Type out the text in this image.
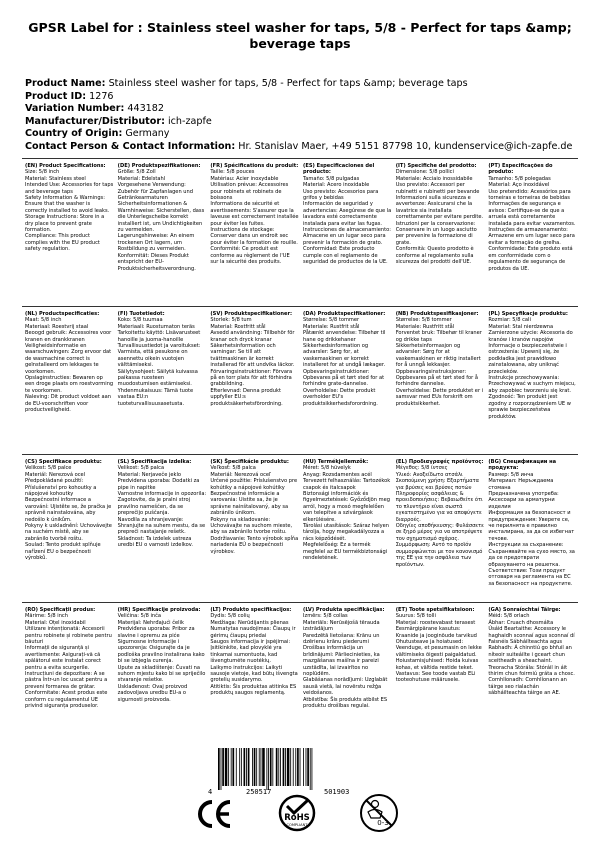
GPSR Label for : Stainless steel washer for taps, 5/8 - Perfect for taps &amp; beverage taps
Product Name: Stainless steel washer for taps, 5/8 - Perfect for taps &amp; beverage taps
Product ID: 1276
Variation Number: 443182
Manufacturer/Distributor: ich-zapfe
Country of Origin: Germany
Contact Person & Contact Information: Hr. Stanislav Maer, +49 5151 87798 10, kundenservice@ich-zapfe.de
(EN) Product Specifications:
Size: 5/8 inch
Material: Stainless steel
Intended Use: Accessories for taps and beverage taps
Safety Information & Warnings: Ensure that the washer is correctly installed to avoid leaks.
Storage Instructions: Store in a dry place to prevent grate formation.
Compliance: This product complies with the EU product safety regulation.
(DE) Produktspezifikationen:
Größe: 5/8 Zoll
Material: Edelstahl
Vorgesehene Verwendung: Zubehör für Zapfanlagen und Getränkearmaturen
Sicherheitsinformationen & Warnhinweise: Sicherstellen, dass die Unterlegscheibe korrekt installiert ist, um Undichtigkeiten zu vermeiden.
Lagerungshinweise: An einem trockenen Ort lagern, um Rostbildung zu vermeiden.
Konformität: Dieses Produkt entspricht der EU-Produktsicherheitsverordnung.
(FR) Spécifications du produit:
Taille: 5/8 pouces
Matériau: Acier inoxydable
Utilisation prévue: Accessoires pour robinets et robinets de boissons
Informations de sécurité et avertissements: S'assurer que la laveuse est correctement installée pour éviter les fuites.
Instructions de stockage: Conserver dans un endroit sec pour éviter la formation de rouille.
Conformité: Ce produit est conforme au règlement de l'UE sur la sécurité des produits.
(ES) Especificaciones del producto:
Tamaño: 5/8 pulgadas
Material: Acero inoxidable
Uso previsto: Accesorios para grifos y bebidas
Información de seguridad y advertencias: Asegúrese de que la lavadora esté correctamente instalada para evitar las fugas.
Instrucciones de almacenamiento: Almacene en un lugar seco para prevenir la formación de grato.
Conformidad: Este producto cumple con el reglamento de seguridad de productos de la UE.
(IT) Specifiche del prodotto:
Dimensione: 5/8 pollici
Materiale: Acciaio inossidabile
Uso previsto: Accessori per rubinetti e rubinetti per bevande
Informazioni sulla sicurezza e avvertenze: Assicurarsi che la lavatrice sia installata correttamente per evitare perdite.
Istruzioni per la conservazione: Conservare in un luogo asciutto per prevenire la formazione di grate.
Conformità: Questo prodotto è conforme al regolamento sulla sicurezza dei prodotti dell'UE.
(PT) Especificações do produto:
Tamanho: 5/8 polegadas
Material: Aço inoxidável
Uso pretendido: Acessórios para torneiras e torneiras de bebidas
Informações de segurança e avisos: Certifique-se de que a arruela está corretamente instalada para evitar vazamentos.
Instruções de armazenamento: Armazene em um lugar seco para evitar a formação de grelha.
Conformidade: Este produto está em conformidade com o regulamento de segurança de produtos da UE.
(NL) Productspecificaties:
Maat: 5/8 inch
Materiaal: Roestvrij staal
Beoogd gebruik: Accessoires voor kranen en drankkranen
Veiligheidsinformatie en waarschuwingen: Zorg ervoor dat de wasmachine correct is geïnstalleerd om lekkages te voorkomen.
Opslaginstructies: Bewaren op een droge plaats om roestvorming te voorkomen.
Naleving: Dit product voldoet aan de EU-voorschriften voor productveiligheid.
(FI) Tuotetiedot:
Koko: 5/8 tuumaa
Materiaali: Ruostumaton teräs
Tarkoitettu käyttö: Lisävarusteet hanoille ja juoma-hanoille
Turvallisuustiedot ja varoitukset: Varmista, että pesukone on asennettu oikein vuotojen välttämiseksi.
Säilytysohjeet: Säilytä kuivassa paikassa ruosteen muodostumisen estämiseksi.
Yhdenmukaisuus: Tämä tuote vastaa EU:n tuoteturvallisuusasetusta.
(SV) Produktspecifikationer:
Storlek: 5/8 tum
Material: Rostfritt stål
Avsedd användning: Tillbehör för kranar och dryck kranar
Säkerhetsinformation och varningar: Se till att tvättmaskinen är korrekt installerad för att undvika läckor.
Förvaringsinstruktioner: Förvara på en torr plats för att förhindra grabbildning.
Efterlevnad: Denna produkt uppfyller EU:s produktsäkerhetsförordning.
(DA) Produktspecifikationer:
Størrelse: 5/8 tommer
Materiale: Rustfrit stål
Påtænkt anvendelse: Tilbehør til hane og drikkehaner
Sikkerhedsinformation og advarsler: Sørg for, at vaskemaskinen er korrekt installeret for at undgå lækager.
Opbevaringsinstruktioner: Opbevares på et tørt sted for at forhindre grate-dannelse.
Overholdelse: Dette produkt overholder EU's produktsikkerhedsforordning.
(NB) Produktspesifikasjoner:
Størrelse: 5/8 tommer
Materiale: Rustfritt stål
Forventet bruk: Tilbehør til kraner og drikke taps
Sikkerhetsinformasjon og advarsler: Sørg for at vaskemaskinen er riktig installert for å unngå lekkasjer.
Oppbevaringsinstruksjoner: Oppbevares på et tørt sted for å forhindre dannelse.
Overholdelse: Dette produktet er i samsvar med EUs forskrift om produktsikkerhet.
(PL) Specyfikacje produktu:
Rozmiar: 5/8 cali
Materiał: Stal nierdzewna
Zamierzone użycie: Akcesoria do kranów i kranów napojów
Informacje o bezpieczeństwie i ostrzeżenia: Upewnij się, że podkładka jest prawidłowo zainstalowana, aby uniknąć przecieków.
Instrukcje przechowywania: Przechowywać w suchym miejscu, aby zapobiec tworzeniu się krat.
Zgodność: Ten produkt jest zgodny z rozporządzeniem UE w sprawie bezpieczeństwa produktów.
(CS) Specifikace produktu:
Velikost: 5/8 palce
Materiál: Nerezová ocel
Předpokládané použití: Příslušenství pro kohoutky a nápojové kohoutky
Bezpečnostní informace a varování: Ujistěte se, že pračka je správně nainstalována, aby nedošlo k únikům.
Pokyny k uskladnění: Uchovávejte na suchém místě, aby se zabránilo tvorbě roštu.
Soulad: Tento produkt splňuje nařízení EU o bezpečnosti výrobků.
(SL) Specifikacija izdelka:
Velikost: 5/8 palca
Material: Nerjaveče jeklo
Predvidena uporaba: Dodatki za pipe in napitke
Varnostne informacije in opozorila: Zagotovite, da je pralni stroj pravilno nameščen, da se preprečijo puščanja.
Navodila za shranjevanje: Shranjujte na suhem mestu, da se prepreči nastajanje rešetk.
Skladnost: Ta izdelek ustreza uredbi EU o varnosti izdelkov.
(SK) Špecifikácie produktu:
Veľkosť: 5/8 palca
Materiál: Nerezová oceľ
Určené použitie: Príslušenstvo pre kohútiky a nápojové kohútiky
Bezpečnostné informácie a varovania: Uistite sa, že je správne nainštalovaný, aby sa zabránilo únikom.
Pokyny na skladovanie: Uchovávajte na suchom mieste, aby sa zabránilo tvorbe roštu.
Dodržiavanie: Tento výrobok spĺňa nariadenia EÚ o bezpečnosti výrobkov.
(HU) Termékjellemzők:
Méret: 5/8 hüvelyk
Anyag: Rozsdamentes acél
Tervezett felhasználás: Tartozékok csapok és italcsapok
Biztonsági információk és figyelmeztetések: Győződjön meg arról, hogy a mosó megfelelően van telepítve a szivárgások elkerülésére.
Tárolási utasítások: Száraz helyen tárolja, hogy megakadályozza a rács képződését.
Megfelelőség: Ez a termék megfelel az EU termékbiztonsági rendeletének.
(EL) Προδιαγραφές προϊόντος:
Μέγεθος: 5/8 ίντσες
Υλικό: Ανοξείδωτο ατσάλι
Σκοπούμενη χρήση: Εξαρτήματα για βρύσες και βρύσες ποτών
Πληροφορίες ασφάλειας & προειδοποιήσεις: Βεβαιωθείτε ότι το πλυντήριο είναι σωστά εγκατεστημένο για να αποφύγετε διαρροές.
Οδηγίες αποθήκευσης: Φυλάσσετε σε ξηρό μέρος για να αποτρέψετε τον σχηματισμό σχάρας.
Συμμόρφωση: Αυτό το προϊόν συμμορφώνεται με τον κανονισμό της ΕΕ για την ασφάλεια των προϊόντων.
(BG) Спецификации на продукта:
Размер: 5/8 инча
Материал: Неръждаема стомана
Предназначена употреба: Аксесоари за арматурни изделия
Информация за безопасност и предупреждения: Уверете се, че перилнята е правилно инсталирана, за да се избегнат течове.
Инструкции за съхранение: Съхранявайте на сухо място, за да се предотврати образуването на решетка.
Съответствие: Този продукт отговаря на регламента на ЕС за безопасност на продуктите.
(RO) Specificații produs:
Mărime: 5/8 inch
Material: Oțel inoxidabil
Utilizare intenționată: Accesorii pentru robinete și robinete pentru băuturi
Informații de siguranță și avertismente: Asigurați-vă că spălătorul este instalat corect pentru a evita scurgerile.
Instrucțiuni de depozitare: A se păstra într-un loc uscat pentru a preveni formarea de grătar.
Conformitate: Acest produs este conform cu regulamentul UE privind siguranța produselor.
(HR) Specifikacije proizvoda:
Veličina: 5/8 inča
Materijal: Nehrđajući čelik
Predviđena uporaba: Pribor za slavine i opremu za piće
Sigurnosne informacije i upozorenja: Osigurajte da je podloška pravilno instalirana kako bi se izbjegla curenja.
Upute za skladištenje: Čuvati na suhom mjestu kako bi se spriječilo stvaranje rešetke.
Usklađenost: Ovaj proizvod zadovoljava uredbu EU-a o sigurnosti proizvoda.
(LT) Produkto specifikacijos:
Dydis: 5/8 colių
Medžiaga: Nerūdijantis plienas
Numatytas naudojimas: Čiaupų ir gėrimų čiaupų priedai
Saugos informacija ir įspėjimai: Įsitikinkite, kad plovyklė yra tinkamai sumontuota, kad išvengtumėte nuotėkių.
Laikymo instrukcijos: Laikyti sausoje vietoje, kad būtų išvengta grotelių susidarymo.
Atitiktis: Šis produktas atitinka ES produktų saugos reglamentą.
(LV) Produkta specifikācijas:
Izmērs: 5/8 collas
Materiāls: Nerūsējošā tērauda izstrādājum
Paredzētā lietošana: Krānu un dzērienu krānu piederumi
Drošības informācija un brīdinājumi: Pārliecinieties, ka mazgāšanas mašīna ir pareizi uzstādīta, lai izvairītos no noplūdēm.
Glabāšanas norādījumi: Uzglabāt sausā vietā, lai novērstu režģa veidošanos.
Atbilstība: Šis produkts atbilst ES produktu drošības regulai.
(ET) Toote spetsifikatsioon:
Suurus: 5/8 tolli
Materjal: roostevabast terasest
Eesmärgipärane kasutus: Kraanide ja jooginõude tarvikud
Ohutusteave ja hoiatused: Veenduge, et pesumasin on lekke vältimiseks õigesti paigaldatud.
Hoiustamisjuhised: Hoida kuivas kohas, et vältida restide teket.
Vastavus: See toode vastab ELi tooteohutuse määrusele.
(GA) Sonraíochtaí Táirge:
Méid: 5/8 orlach
Ábhar: Cruach dhosmálta
Úsáid Beartaithe: Accessory le haghaidh sconnaí agus sconnaí dí
Faisnéis Sábháilteachta agus Rabhadh: Á chinntiú go bhfuil an níteoir suiteáilte i gceart chun sceitheadh a sheachaint.
Treoracha Stórála: Stóráil in áit thirim chun foirmiú gráta a chosc.
Comhlíonadh: Comhlíonann an táirge seo rialachán sábháilteachta táirge an AE.
4	250517	501903
RoHS
COMPLIANT	0-3
